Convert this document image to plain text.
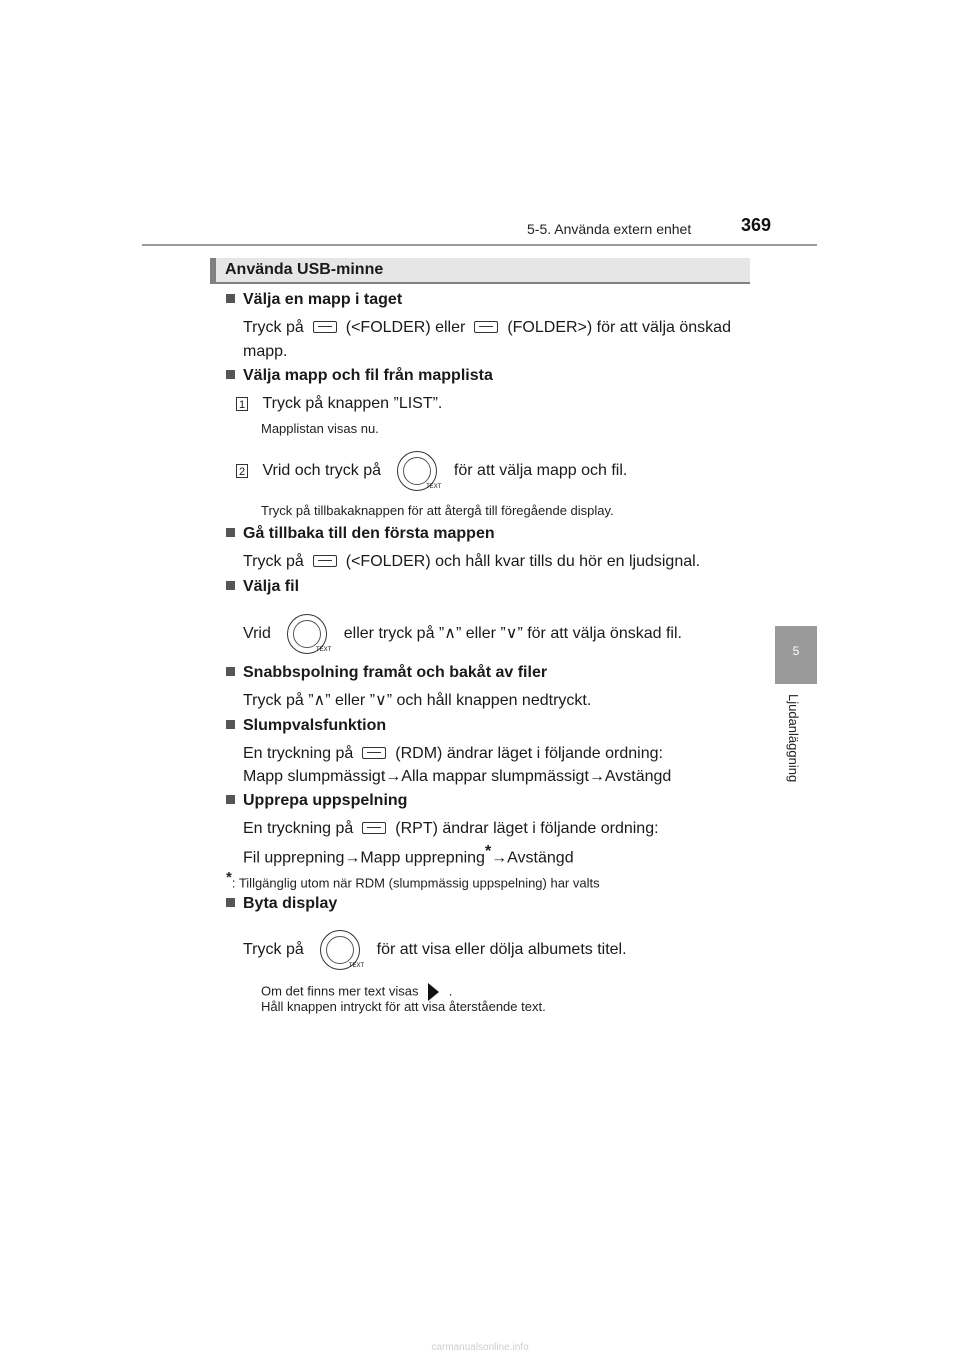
5-5. Använda extern enhet	369
5
Ljudanläggning
Använda USB-minne
Välja en mapp i taget
Tryck på	(<FOLDER) eller	(FOLDER>) för att välja önskad
mapp.
Välja mapp och fil från mapplista
1 Tryck på knappen ”LIST”.
Mapplistan visas nu.
2 Vrid och tryck på
TEXT
för att välja mapp och fil.
Tryck på tillbakaknappen för att återgå till föregående display.
Gå tillbaka till den första mappen
Tryck på	(<FOLDER) och håll kvar tills du hör en ljudsignal.
Välja fil
Vrid
TEXT
eller tryck på ”∧” eller ”∨” för att välja önskad fil.
Snabbspolning framåt och bakåt av filer
Tryck på ”∧” eller ”∨” och håll knappen nedtryckt.
Slumpvalsfunktion
En tryckning på	(RDM) ändrar läget i följande ordning:
Mapp slumpmässigt→Alla mappar slumpmässigt→Avstängd
Upprepa uppspelning
En tryckning på	(RPT) ändrar läget i följande ordning:
Fil upprepning→Mapp upprepning*→Avstängd
*: Tillgänglig utom när RDM (slumpmässig uppspelning) har valts
Byta display
Tryck på
TEXT
för att visa eller dölja albumets titel.
Om det finns mer text visas .
Håll knappen intryckt för att visa återstående text.
carmanualsonline.info
